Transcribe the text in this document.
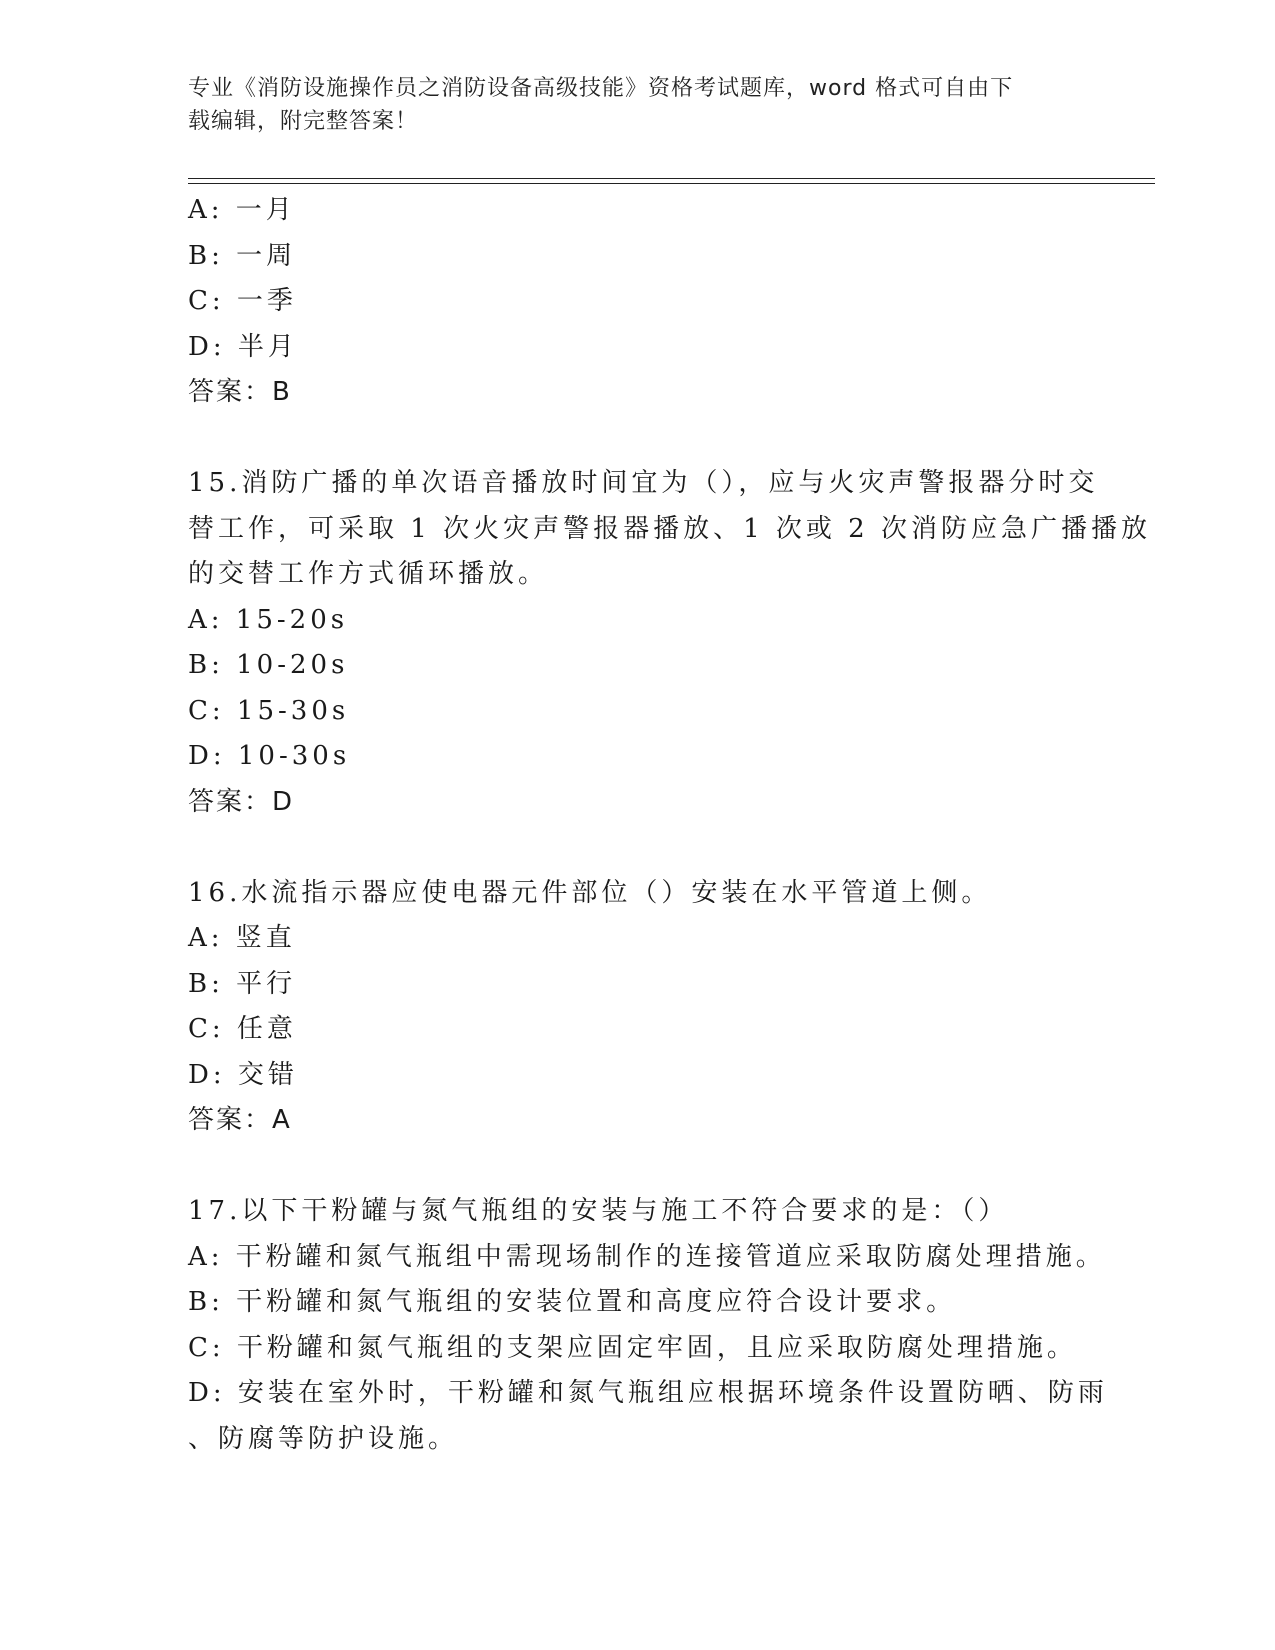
专业《消防设施操作员之消防设备高级技能》资格考试题库，word 格式可自由下
载编辑，附完整答案！
A: 一月
B: 一周
C: 一季
D: 半月
答案：B
15.消防广播的单次语音播放时间宜为（），应与火灾声警报器分时交
替工作，可采取 1 次火灾声警报器播放、1 次或 2 次消防应急广播播放
的交替工作方式循环播放。
A: 15-20s
B: 10-20s
C: 15-30s
D: 10-30s
答案：D
16.水流指示器应使电器元件部位（）安装在水平管道上侧。
A: 竖直
B: 平行
C: 任意
D: 交错
答案：A
17.以下干粉罐与氮气瓶组的安装与施工不符合要求的是：（）
A: 干粉罐和氮气瓶组中需现场制作的连接管道应采取防腐处理措施。
B: 干粉罐和氮气瓶组的安装位置和高度应符合设计要求。
C: 干粉罐和氮气瓶组的支架应固定牢固，且应采取防腐处理措施。
D: 安装在室外时，干粉罐和氮气瓶组应根据环境条件设置防晒、防雨
、防腐等防护设施。
